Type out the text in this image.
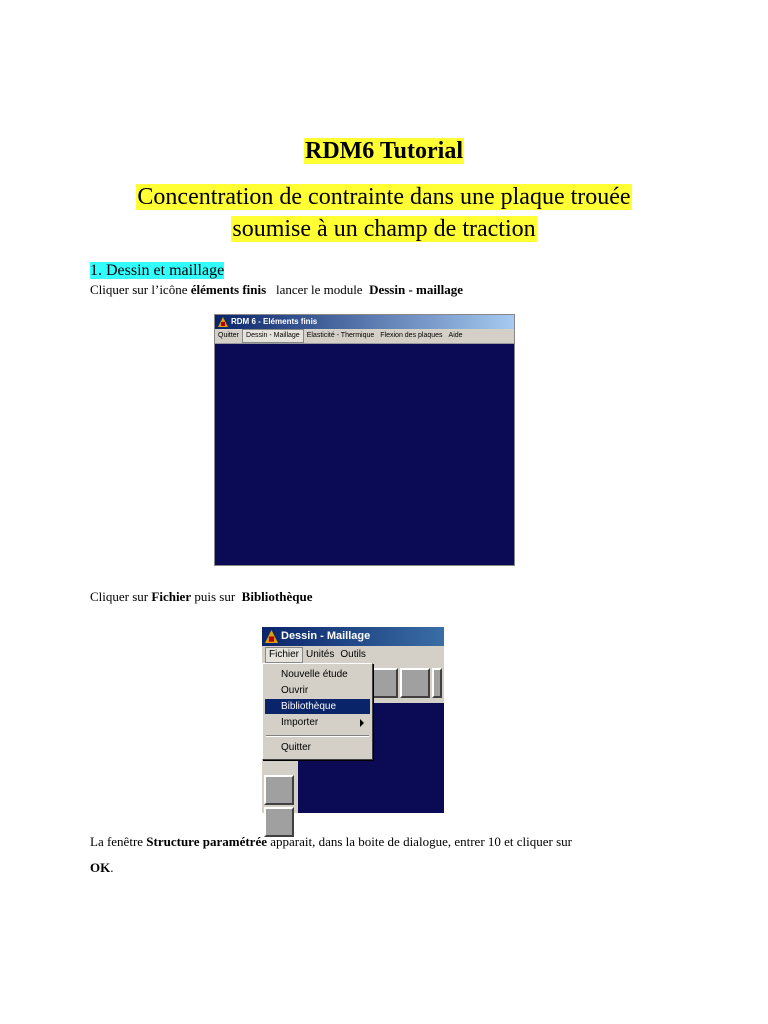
RDM6 Tutorial
Concentration de contrainte dans une plaque trouée
soumise à un champ de traction
1. Dessin et maillage
Cliquer sur l’icône éléments finis   lancer le module  Dessin - maillage
RDM 6 - Eléments finis
Quitter Dessin - Maillage Elasticité - Thermique Flexion des plaques Aide
Cliquer sur Fichier puis sur  Bibliothèque
Dessin - Maillage
Fichier Unités Outils
Nouvelle étude
Ouvrir
Bibliothèque
Importer
Quitter
La fenêtre Structure paramétrée apparait, dans la boite de dialogue, entrer 10 et cliquer sur
OK.
